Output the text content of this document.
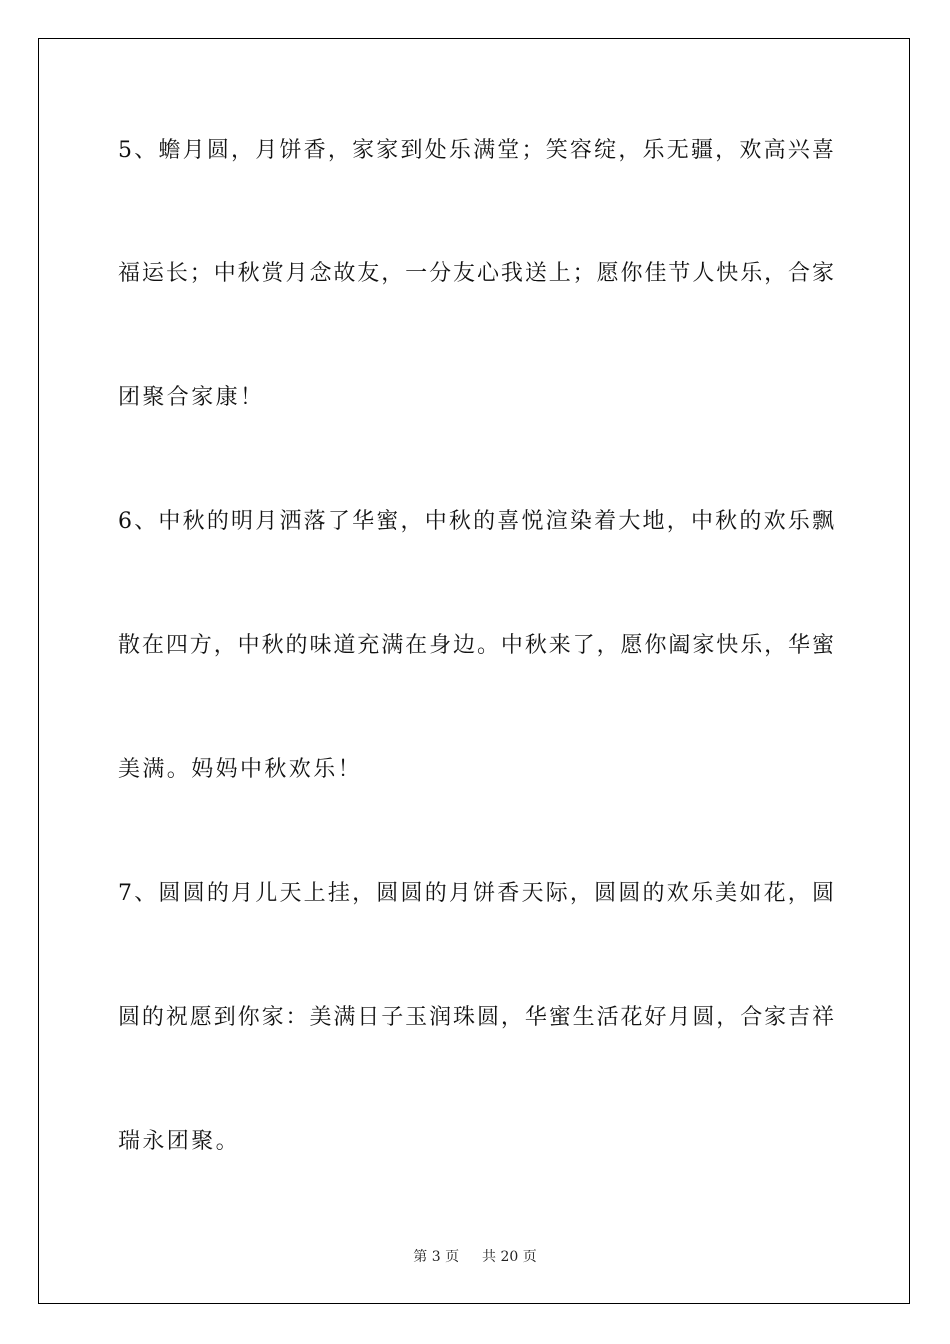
5、蟾月圆，月饼香，家家到处乐满堂；笑容绽，乐无疆，欢高兴喜
福运长；中秋赏月念故友，一分友心我送上；愿你佳节人快乐，合家
团聚合家康！
6、中秋的明月洒落了华蜜，中秋的喜悦渲染着大地，中秋的欢乐飘
散在四方，中秋的味道充满在身边。中秋来了，愿你阖家快乐，华蜜
美满。妈妈中秋欢乐！
7、圆圆的月儿天上挂，圆圆的月饼香天际，圆圆的欢乐美如花，圆
圆的祝愿到你家：美满日子玉润珠圆，华蜜生活花好月圆，合家吉祥
瑞永团聚。
第 3 页 共 20 页
